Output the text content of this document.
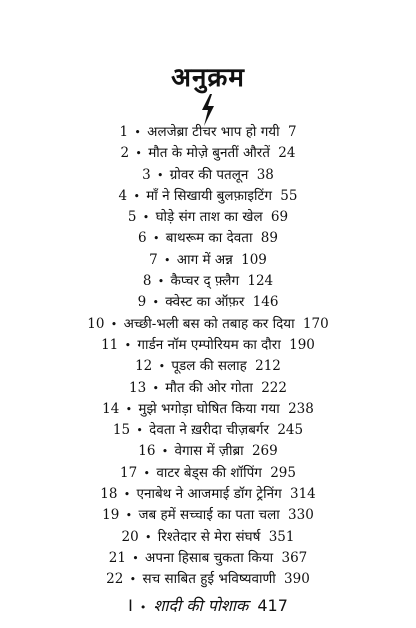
अनुक्रम
1 • अलजेब्रा टीचर भाप हो गयी 7
2 • मौत के मोज़े बुनतीं औरतें 24
3 • ग्रोवर की पतलून 38
4 • माँ ने सिखायी बुलफ़ाइटिंग 55
5 • घोड़े संग ताश का खेल 69
6 • बाथरूम का देवता 89
7 • आग में अन्न 109
8 • कैप्चर द् फ़्लैग 124
9 • क्वेस्ट का ऑफ़र 146
10 • अच्छी-भली बस को तबाह कर दिया 170
11 • गार्डन नॉम एम्पोरियम का दौरा 190
12 • पूडल की सलाह 212
13 • मौत की ओर गोता 222
14 • मुझे भगोड़ा घोषित किया गया 238
15 • देवता ने ख़रीदा चीज़बर्गर 245
16 • वेगास में ज़ीब्रा 269
17 • वाटर बेड्स की शॉपिंग 295
18 • एनाबेथ ने आजमाई डॉग ट्रेनिंग 314
19 • जब हमें सच्चाई का पता चला 330
20 • रिश्तेदार से मेरा संघर्ष 351
21 • अपना हिसाब चुकता किया 367
22 • सच साबित हुई भविष्यवाणी 390
I • शादी की पोशाक 417
